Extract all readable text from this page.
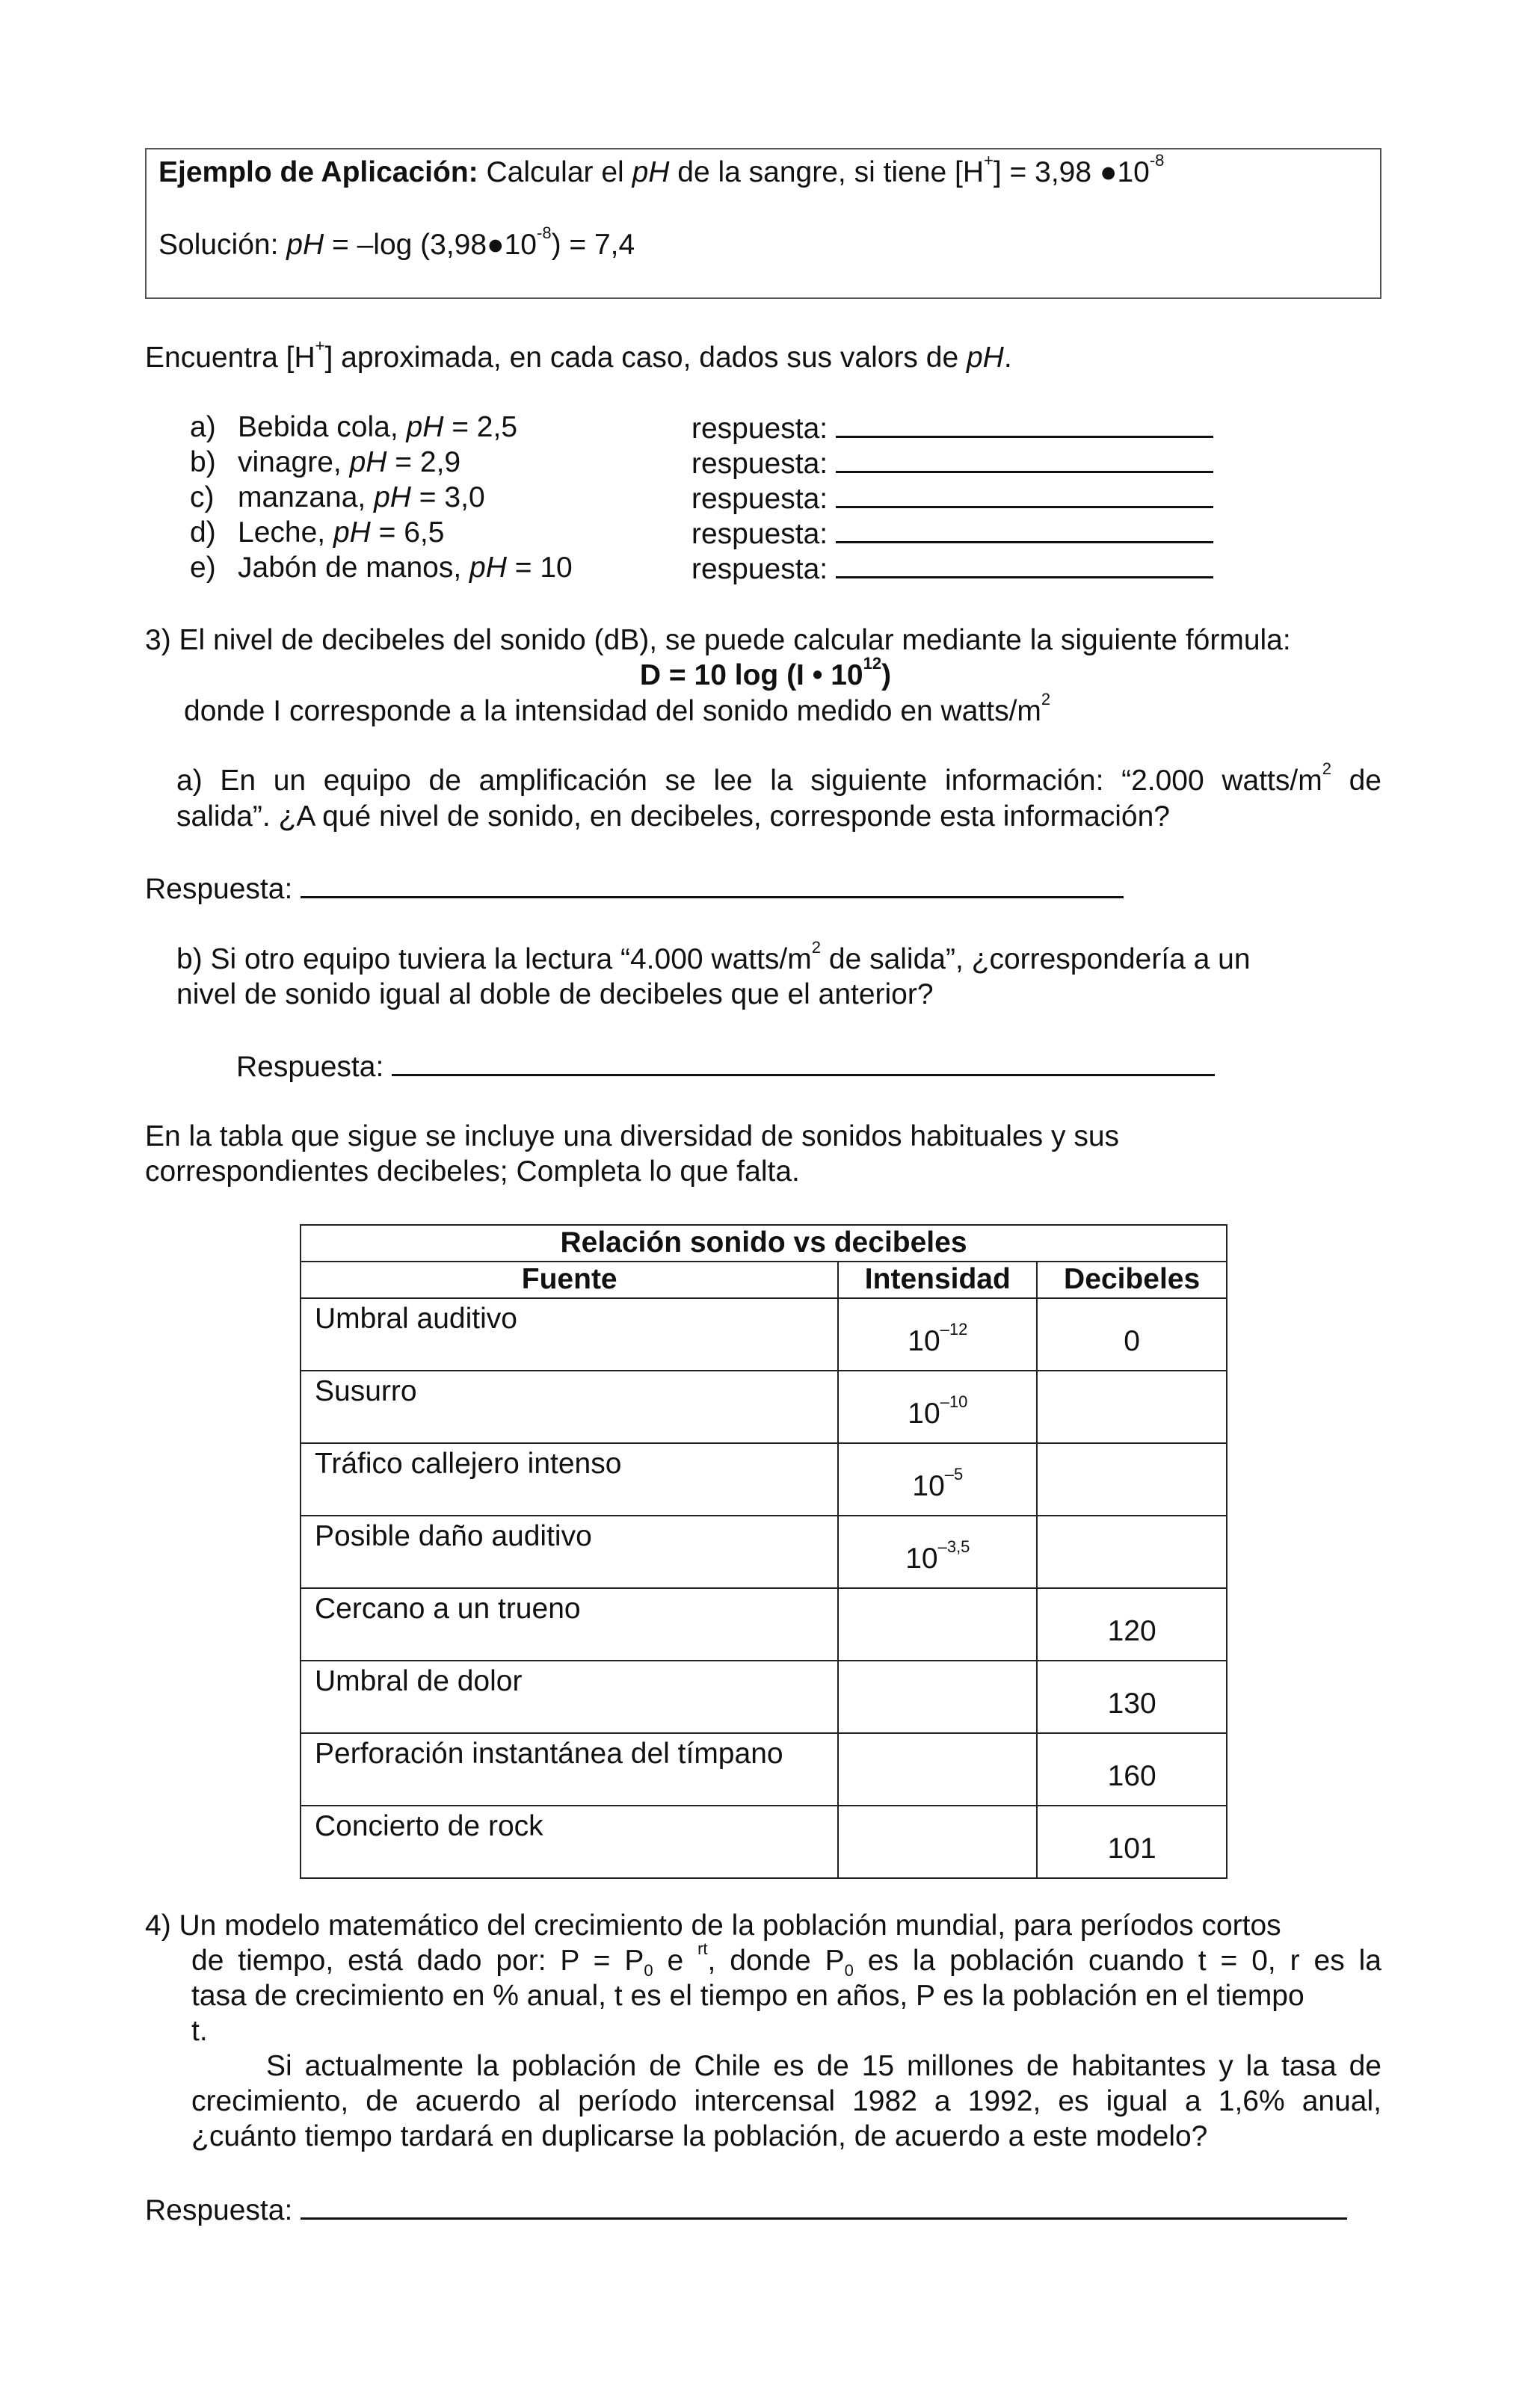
Ejemplo de Aplicación: Calcular el pH de la sangre, si tiene [H+] = 3,98 $●10^{-8}$
Solución: pH = –log $(3,98●10^{-8}) = 7,4$
Encuentra [H+] aproximada, en cada caso, dados sus valors de pH.
a) Bebida cola, pH = 2,5	respuesta:
b) vinagre, pH = 2,9	respuesta:
c) manzana, pH = 3,0	respuesta:
d) Leche, pH = 6,5	respuesta:
e) Jabón de manos, pH = 10	respuesta:
3) El nivel de decibeles del sonido (dB), se puede calcular mediante la siguiente fórmula:
D = 10 log (I • $10^{12}$)
donde I corresponde a la intensidad del sonido medido en watts/$m^2$
a) En un equipo de amplificación se lee la siguiente información: “2.000 watts/$m^2$ de
salida”. ¿A qué nivel de sonido, en decibeles, corresponde esta información?
Respuesta:
b) Si otro equipo tuviera la lectura “4.000 watts/$m^2$ de salida”, ¿correspondería a un
nivel de sonido igual al doble de decibeles que el anterior?
Respuesta:
En la tabla que sigue se incluye una diversidad de sonidos habituales y sus
correspondientes decibeles; Completa lo que falta.
Relación sonido vs decibeles		
Fuente	Intensidad	Decibeles
Umbral auditivo	$10^{-12}$	0
Susurro	$10^{-10}$	
Tráfico callejero intenso	$10^{-5}$	
Posible daño auditivo	$10^{-3,5}$	
Cercano a un trueno		120
Umbral de dolor		130
Perforación instantánea del tímpano		160
Concierto de rock		101
4) Un modelo matemático del crecimiento de la población mundial, para períodos cortos
de tiempo, está dado por: $P = P_0$ e $^{rt}$, donde $P_0$ es la población cuando t = 0, r es la
tasa de crecimiento en % anual, t es el tiempo en años, P es la población en el tiempo
t.
Si actualmente la población de Chile es de 15 millones de habitantes y la tasa de
crecimiento, de acuerdo al período intercensal 1982 a 1992, es igual a 1,6% anual,
¿cuánto tiempo tardará en duplicarse la población, de acuerdo a este modelo?
Respuesta:
